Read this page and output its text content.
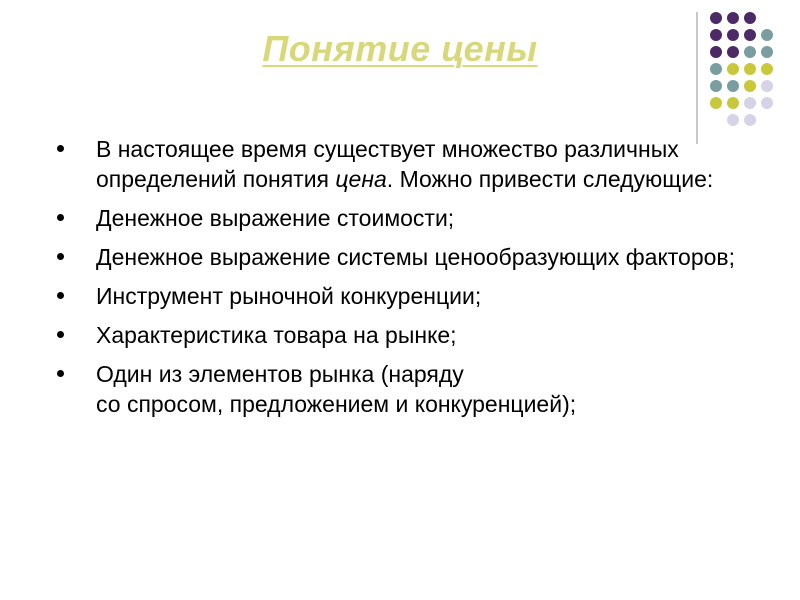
Понятие цены
В настоящее время существует множество различных определений понятия цена. Можно привести следующие:
Денежное выражение стоимости;
Денежное выражение системы ценообразующих факторов;
Инструмент рыночной конкуренции;
Характеристика товара на рынке;
Один из элементов рынка (наряду
со спросом, предложением и конкуренцией);
